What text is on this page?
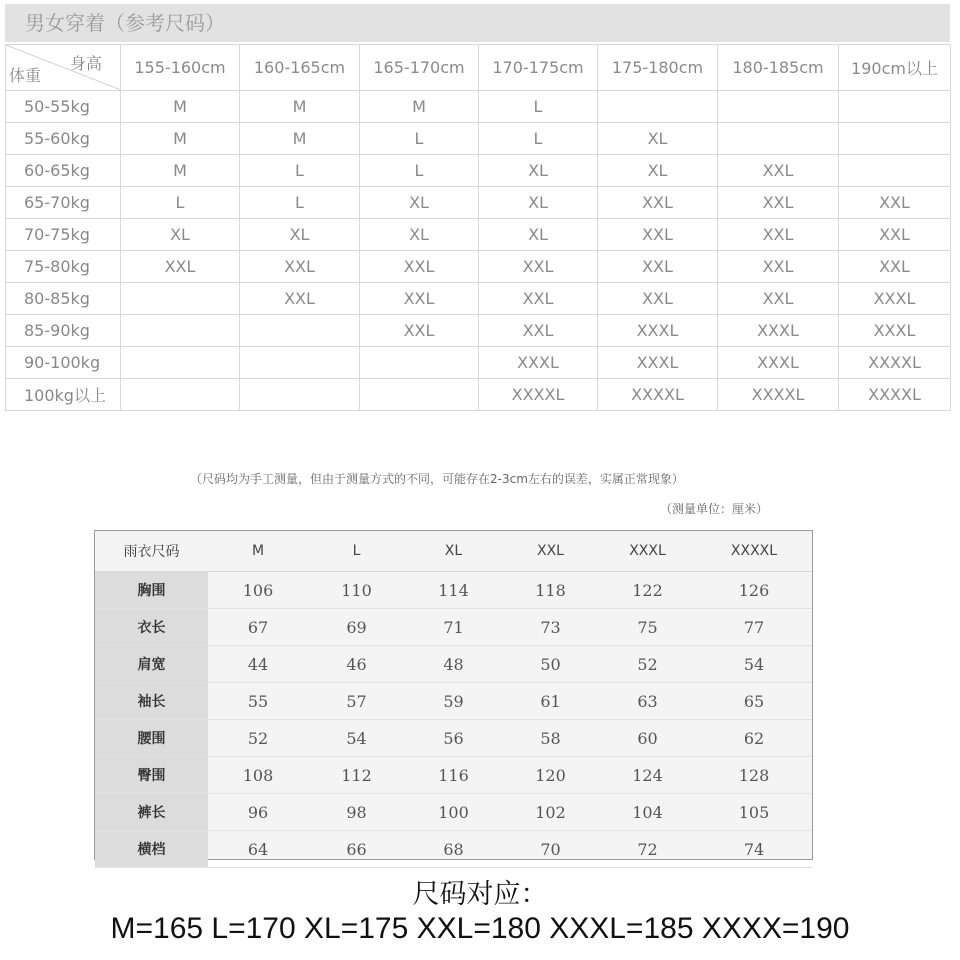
男女穿着（参考尺码）
身高
体重	155-160cm	160-165cm	165-170cm	170-175cm	175-180cm	180-185cm	190cm以上
50-55kg	M	M	M	L			
55-60kg	M	M	L	L	XL		
60-65kg	M	L	L	XL	XL	XXL	
65-70kg	L	L	XL	XL	XXL	XXL	XXL
70-75kg	XL	XL	XL	XL	XXL	XXL	XXL
75-80kg	XXL	XXL	XXL	XXL	XXL	XXL	XXL
80-85kg		XXL	XXL	XXL	XXL	XXL	XXXL
85-90kg			XXL	XXL	XXXL	XXXL	XXXL
90-100kg				XXXL	XXXL	XXXL	XXXXL
100kg以上				XXXXL	XXXXL	XXXXL	XXXXL
（尺码均为手工测量，但由于测量方式的不同，可能存在2-3cm左右的误差，实属正常现象）
（测量单位：厘米）
雨衣尺码	M	L	XL	XXL	XXXL	XXXXL
胸围	106	110	114	118	122	126
衣长	67	69	71	73	75	77
肩宽	44	46	48	50	52	54
袖长	55	57	59	61	63	65
腰围	52	54	56	58	60	62
臀围	108	112	116	120	124	128
裤长	96	98	100	102	104	105
横档	64	66	68	70	72	74
尺码对应：
M=165 L=170 XL=175 XXL=180 XXXL=185 XXXX=190
